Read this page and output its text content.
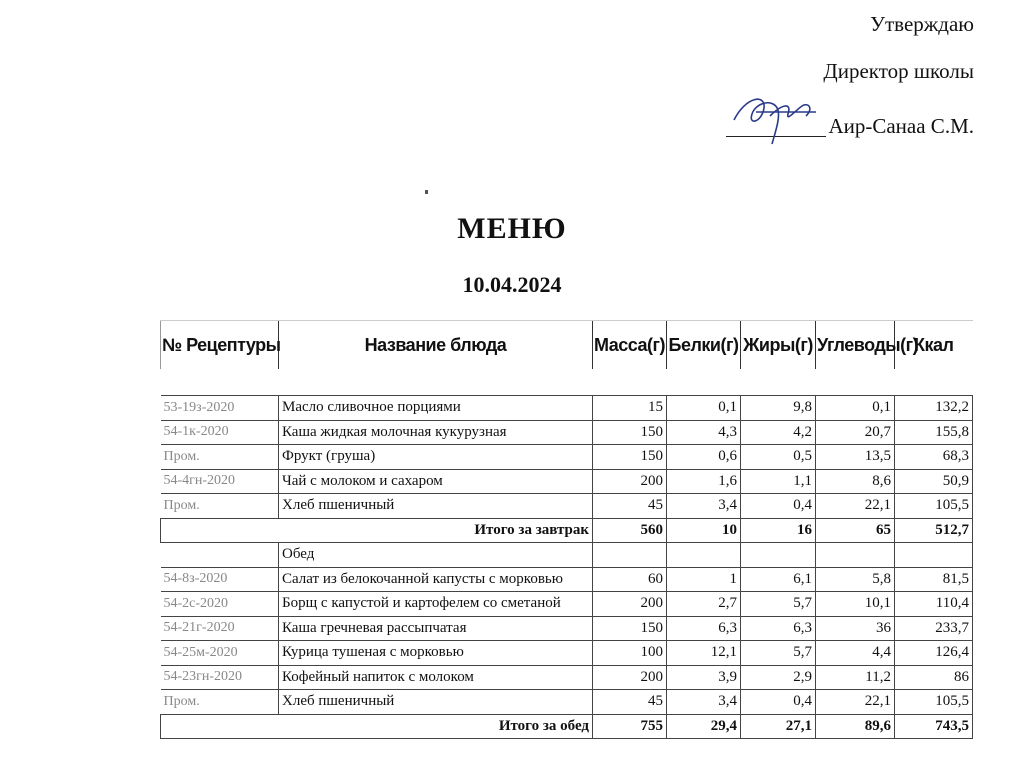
Утверждаю
Директор школы
Аир-Санаа С.М.
МЕНЮ
10.04.2024
№ Рецептуры	Название блюда	Масса(г)	Белки(г)	Жиры(г)	Углеводы(г)	Ккал

53-19з-2020	Масло сливочное порциями	15	0,1	9,8	0,1	132,2
54-1к-2020	Каша жидкая молочная кукурузная	150	4,3	4,2	20,7	155,8
Пром.	Фрукт (груша)	150	0,6	0,5	13,5	68,3
54-4гн-2020	Чай с молоком и сахаром	200	1,6	1,1	8,6	50,9
Пром.	Хлеб пшеничный	45	3,4	0,4	22,1	105,5
Итого за завтрак		560	10	16	65	512,7
	Обед					
54-8з-2020	Салат из белокочанной капусты с морковью	60	1	6,1	5,8	81,5
54-2с-2020	Борщ с капустой и картофелем со сметаной	200	2,7	5,7	10,1	110,4
54-21г-2020	Каша гречневая рассыпчатая	150	6,3	6,3	36	233,7
54-25м-2020	Курица тушеная с морковью	100	12,1	5,7	4,4	126,4
54-23гн-2020	Кофейный напиток с молоком	200	3,9	2,9	11,2	86
Пром.	Хлеб пшеничный	45	3,4	0,4	22,1	105,5
Итого за обед		755	29,4	27,1	89,6	743,5
